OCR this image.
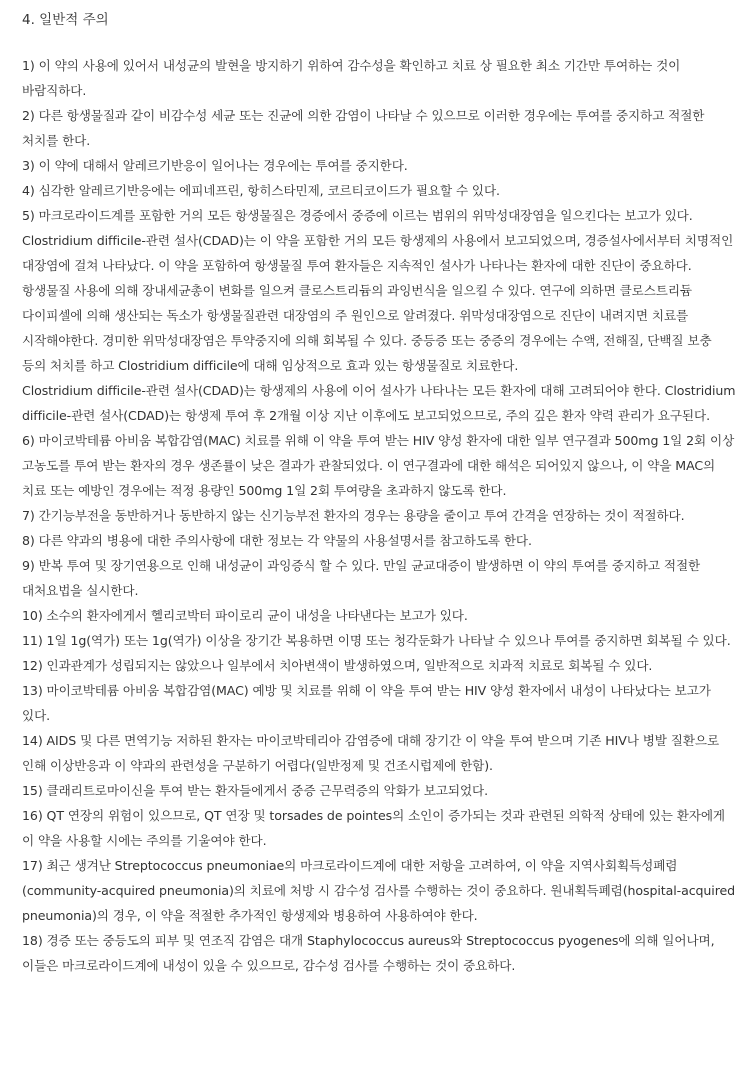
4. 일반적 주의

1) 이 약의 사용에 있어서 내성균의 발현을 방지하기 위하여 감수성을 확인하고 치료 상 필요한 최소 기간만 투여하는 것이 바람직하다.

2) 다른 항생물질과 같이 비감수성 세균 또는 진균에 의한 감염이 나타날 수 있으므로 이러한 경우에는 투여를 중지하고 적절한 처치를 한다.

3) 이 약에 대해서 알레르기반응이 일어나는 경우에는 투여를 중지한다.

4) 심각한 알레르기반응에는 에피네프린, 항히스타민제, 코르티코이드가 필요할 수 있다.

5) 마크로라이드계를 포함한 거의 모든 항생물질은 경증에서 중증에 이르는 범위의 위막성대장염을 일으킨다는 보고가 있다. Clostridium difficile-관련 설사(CDAD)는 이 약을 포함한 거의 모든 항생제의 사용에서 보고되었으며, 경증설사에서부터 치명적인 대장염에 걸쳐 나타났다. 이 약을 포함하여 항생물질 투여 환자들은 지속적인 설사가 나타나는 환자에 대한 진단이 중요하다. 항생물질 사용에 의해 장내세균총이 변화를 일으켜 클로스트리듐의 과잉번식을 일으킬 수 있다. 연구에 의하면 클로스트리듐 다이피셀에 의해 생산되는 독소가 항생물질관련 대장염의 주 원인으로 알려졌다. 위막성대장염으로 진단이 내려지면 치료를 시작해야한다. 경미한 위막성대장염은 투약중지에 의해 회복될 수 있다. 중등증 또는 중증의 경우에는 수액, 전해질, 단백질 보충 등의 처치를 하고 Clostridium difficile에 대해 임상적으로 효과 있는 항생물질로 치료한다.

Clostridium difficile-관련 설사(CDAD)는 항생제의 사용에 이어 설사가 나타나는 모든 환자에 대해 고려되어야 한다. Clostridium difficile-관련 설사(CDAD)는 항생제 투여 후 2개월 이상 지난 이후에도 보고되었으므로, 주의 깊은 환자 약력 관리가 요구된다.

6) 마이코박테륨 아비움 복합감염(MAC) 치료를 위해 이 약을 투여 받는 HIV 양성 환자에 대한 일부 연구결과 500mg 1일 2회 이상 고농도를 투여 받는 환자의 경우 생존률이 낮은 결과가 관찰되었다. 이 연구결과에 대한 해석은 되어있지 않으나, 이 약을 MAC의 치료 또는 예방인 경우에는 적정 용량인 500mg 1일 2회 투여량을 초과하지 않도록 한다.

7) 간기능부전을 동반하거나 동반하지 않는 신기능부전 환자의 경우는 용량을 줄이고 투여 간격을 연장하는 것이 적절하다.

8) 다른 약과의 병용에 대한 주의사항에 대한 정보는 각 약물의 사용설명서를 참고하도록 한다.

9) 반복 투여 및 장기연용으로 인해 내성균이 과잉증식 할 수 있다. 만일 균교대증이 발생하면 이 약의 투여를 중지하고 적절한 대처요법을 실시한다.

10) 소수의 환자에게서 헬리코박터 파이로리 균이 내성을 나타낸다는 보고가 있다.

11) 1일 1g(역가) 또는 1g(역가) 이상을 장기간 복용하면 이명 또는 청각둔화가 나타날 수 있으나 투여를 중지하면 회복될 수 있다.

12) 인과관계가 성립되지는 않았으나 일부에서 치아변색이 발생하였으며, 일반적으로 치과적 치료로 회복될 수 있다.

13) 마이코박테륨 아비움 복합감염(MAC) 예방 및 치료를 위해 이 약을 투여 받는 HIV 양성 환자에서 내성이 나타났다는 보고가 있다.

14) AIDS 및 다른 면역기능 저하된 환자는 마이코박테리아 감염증에 대해 장기간 이 약을 투여 받으며 기존 HIV나 병발 질환으로 인해 이상반응과 이 약과의 관련성을 구분하기 어렵다(일반정제 및 건조시럽제에 한함).

15) 클래리트로마이신을 투여 받는 환자들에게서 중증 근무력증의 악화가 보고되었다.

16) QT 연장의 위험이 있으므로, QT 연장 및 torsades de pointes의 소인이 증가되는 것과 관련된 의학적 상태에 있는 환자에게 이 약을 사용할 시에는 주의를 기울여야 한다.

17) 최근 생겨난 Streptococcus pneumoniae의 마크로라이드계에 대한 저항을 고려하여, 이 약을 지역사회획득성폐렴(community-acquired pneumonia)의 치료에 처방 시 감수성 검사를 수행하는 것이 중요하다. 원내획득폐렴(hospital-acquired pneumonia)의 경우, 이 약을 적절한 추가적인 항생제와 병용하여 사용하여야 한다.

18) 경증 또는 중등도의 피부 및 연조직 감염은 대개 Staphylococcus aureus와 Streptococcus pyogenes에 의해 일어나며, 이들은 마크로라이드계에 내성이 있을 수 있으므로, 감수성 검사를 수행하는 것이 중요하다.
